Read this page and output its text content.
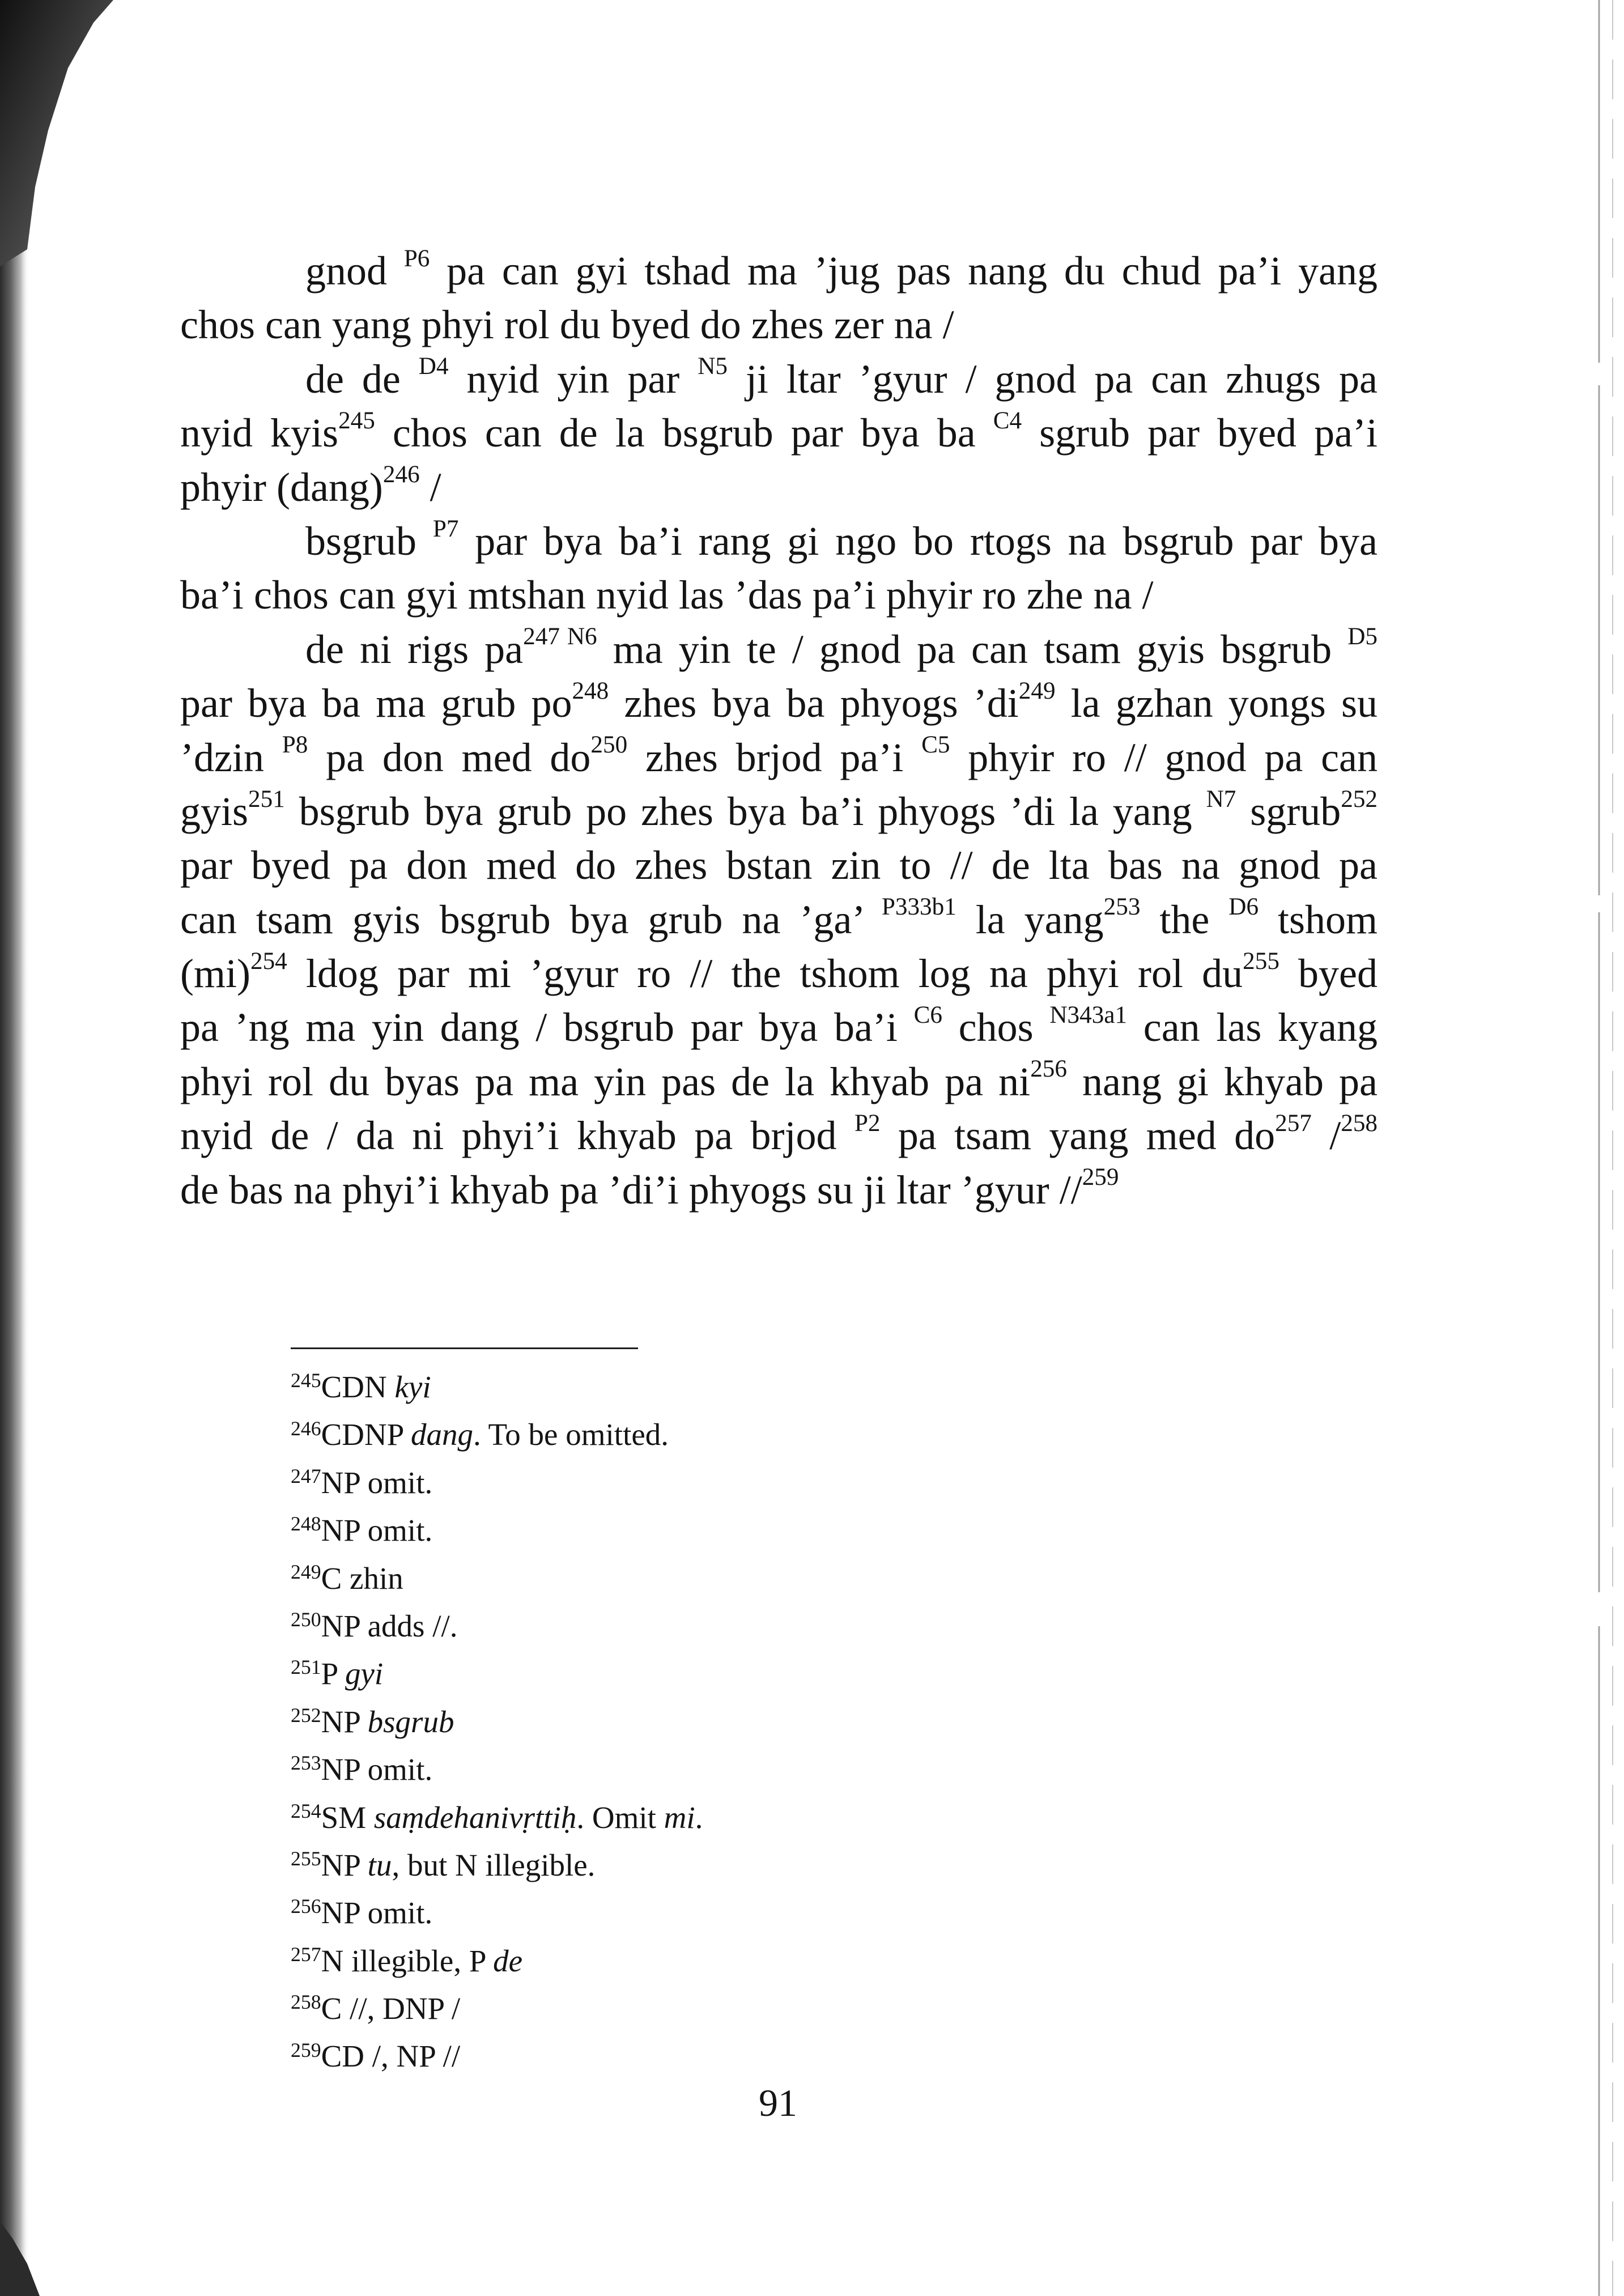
gnod $^{P6}$ pa can gyi tshad ma ’jug pas nang du chud pa’i yang
chos can yang phyi rol du byed do zhes zer na /
de de $^{D4}$ nyid yin par $^{N5}$ ji ltar ’gyur / gnod pa can zhugs pa
nyid kyis$^{245}$ chos can de la bsgrub par bya ba $^{C4}$ sgrub par byed pa’i
phyir (dang)$^{246}$ /
bsgrub $^{P7}$ par bya ba’i rang gi ngo bo rtogs na bsgrub par bya
ba’i chos can gyi mtshan nyid las ’das pa’i phyir ro zhe na /
de ni rigs $pa^{247}$ $^{N6}$ ma yin te / gnod pa can tsam gyis bsgrub $^{D5}$
par bya ba ma grub $po^{248}$ zhes bya ba phyogs $’di^{249}$ la gzhan yongs su
’dzin $^{P8}$ pa don med $do^{250}$ zhes brjod pa’i $^{C5}$ phyir ro // gnod pa can
gyis$^{251}$ bsgrub bya grub po zhes bya ba’i phyogs ’di la yang $^{N7}$ sgrub$^{252}$
par byed pa don med do zhes bstan zin to // de lta bas na gnod pa
can tsam gyis bsgrub bya grub na ’ga’ $^{P333b1}$ la yang$^{253}$ the $^{D6}$ tshom
(mi)$^{254}$ ldog par mi ’gyur ro // the tshom log na phyi rol $du^{255}$ byed
pa ’ng ma yin dang / bsgrub par bya ba’i $^{C6}$ chos $^{N343a1}$ can las kyang
phyi rol du byas pa ma yin pas de la khyab pa $ni^{256}$ nang gi khyab pa
nyid de / da ni phyi’i khyab pa brjod $^{P2}$ pa tsam yang med $do^{257}$ /$^{258}$
de bas na phyi’i khyab pa ’di’i phyogs su ji ltar ’gyur //$^{259}$
$^{245}$CDN kyi
$^{246}$CDNP dang. To be omitted.
$^{247}$NP omit.
$^{248}$NP omit.
$^{249}$C zhin
$^{250}$NP adds //.
$^{251}$P gyi
$^{252}$NP bsgrub
$^{253}$NP omit.
$^{254}$SM saṃdehanivṛttiḥ. Omit mi.
$^{255}$NP tu, but N illegible.
$^{256}$NP omit.
$^{257}$N illegible, P de
$^{258}$C //, DNP /
$^{259}$CD /, NP //
91
